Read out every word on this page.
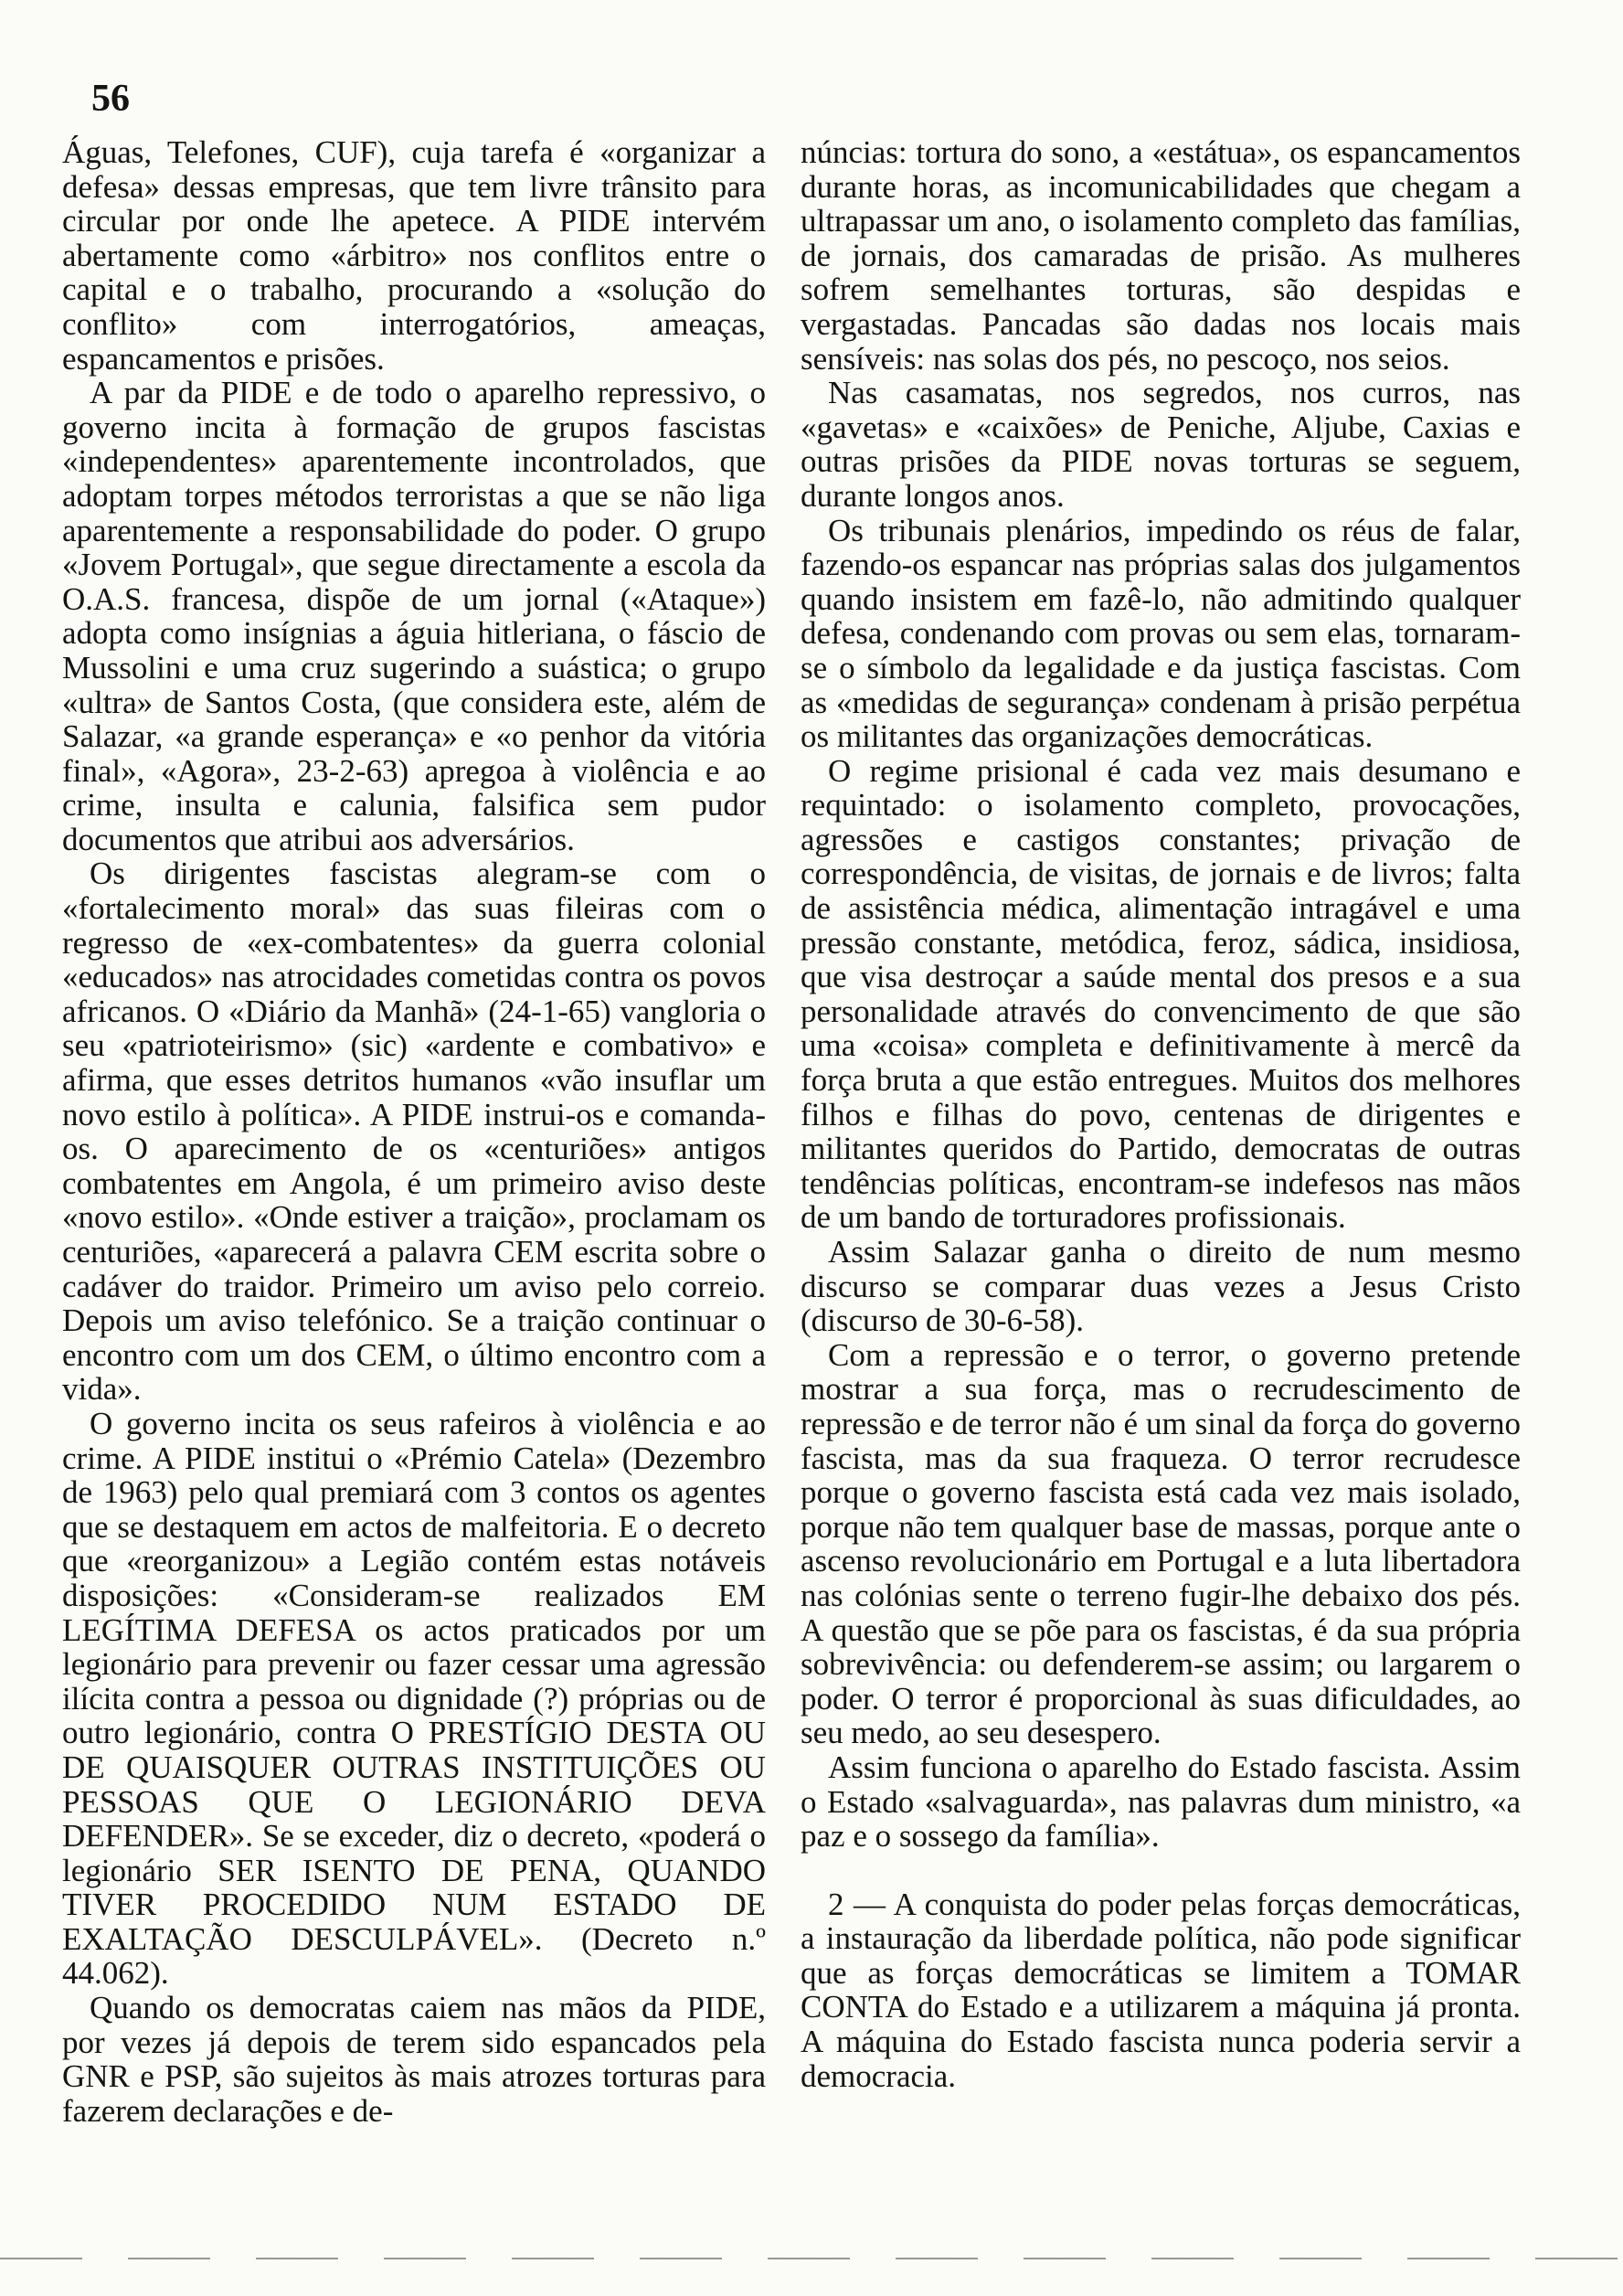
56

Águas, Telefones, CUF), cuja tarefa é «organizar a defesa» dessas empresas, que tem livre trânsito para circular por onde lhe apetece. A PIDE intervém abertamente como «árbitro» nos conflitos entre o capital e o trabalho, procurando a «solução do conflito» com interrogatórios, ameaças, espancamentos e prisões.

A par da PIDE e de todo o aparelho repressivo, o governo incita à formação de grupos fascistas «independentes» aparentemente incontrolados, que adoptam torpes métodos terroristas a que se não liga aparentemente a responsabilidade do poder. O grupo «Jovem Portugal», que segue directamente a escola da O.A.S. francesa, dispõe de um jornal («Ataque») adopta como insígnias a águia hitleriana, o fáscio de Mussolini e uma cruz sugerindo a suástica; o grupo «ultra» de Santos Costa, (que considera este, além de Salazar, «a grande esperança» e «o penhor da vitória final», «Agora», 23-2-63) apregoa à violência e ao crime, insulta e calunia, falsifica sem pudor documentos que atribui aos adversários.

Os dirigentes fascistas alegram-se com o «fortalecimento moral» das suas fileiras com o regresso de «ex-combatentes» da guerra colonial «educados» nas atrocidades cometidas contra os povos africanos. O «Diário da Manhã» (24-1-65) vangloria o seu «patrioteirismo» (sic) «ardente e combativo» e afirma, que esses detritos humanos «vão insuflar um novo estilo à política». A PIDE instrui-os e comanda-os. O aparecimento de os «centuriões» antigos combatentes em Angola, é um primeiro aviso deste «novo estilo». «Onde estiver a traição», proclamam os centuriões, «aparecerá a palavra CEM escrita sobre o cadáver do traidor. Primeiro um aviso pelo correio. Depois um aviso telefónico. Se a traição continuar o encontro com um dos CEM, o último encontro com a vida».

O governo incita os seus rafeiros à violência e ao crime. A PIDE institui o «Prémio Catela» (Dezembro de 1963) pelo qual premiará com 3 contos os agentes que se destaquem em actos de malfeitoria. E o decreto que «reorganizou» a Legião contém estas notáveis disposições: «Consideram-se realizados EM LEGÍTIMA DEFESA os actos praticados por um legionário para prevenir ou fazer cessar uma agressão ilícita contra a pessoa ou dignidade (?) próprias ou de outro legionário, contra O PRESTÍGIO DESTA OU DE QUAISQUER OUTRAS INSTITUIÇÕES OU PESSOAS QUE O LEGIONÁRIO DEVA DEFENDER». Se se exceder, diz o decreto, «poderá o legionário SER ISENTO DE PENA, QUANDO TIVER PROCEDIDO NUM ESTADO DE EXALTAÇÃO DESCULPÁVEL». (Decreto n.º 44.062).

Quando os democratas caiem nas mãos da PIDE, por vezes já depois de terem sido espancados pela GNR e PSP, são sujeitos às mais atrozes torturas para fazerem declarações e de-

núncias: tortura do sono, a «estátua», os espancamentos durante horas, as incomunicabilidades que chegam a ultrapassar um ano, o isolamento completo das famílias, de jornais, dos camaradas de prisão. As mulheres sofrem semelhantes torturas, são despidas e vergastadas. Pancadas são dadas nos locais mais sensíveis: nas solas dos pés, no pescoço, nos seios.

Nas casamatas, nos segredos, nos curros, nas «gavetas» e «caixões» de Peniche, Aljube, Caxias e outras prisões da PIDE novas torturas se seguem, durante longos anos.

Os tribunais plenários, impedindo os réus de falar, fazendo-os espancar nas próprias salas dos julgamentos quando insistem em fazê-lo, não admitindo qualquer defesa, condenando com provas ou sem elas, tornaram-se o símbolo da legalidade e da justiça fascistas. Com as «medidas de segurança» condenam à prisão perpétua os militantes das organizações democráticas.

O regime prisional é cada vez mais desumano e requintado: o isolamento completo, provocações, agressões e castigos constantes; privação de correspondência, de visitas, de jornais e de livros; falta de assistência médica, alimentação intragável e uma pressão constante, metódica, feroz, sádica, insidiosa, que visa destroçar a saúde mental dos presos e a sua personalidade através do convencimento de que são uma «coisa» completa e definitivamente à mercê da força bruta a que estão entregues. Muitos dos melhores filhos e filhas do povo, centenas de dirigentes e militantes queridos do Partido, democratas de outras tendências políticas, encontram-se indefesos nas mãos de um bando de torturadores profissionais.

Assim Salazar ganha o direito de num mesmo discurso se comparar duas vezes a Jesus Cristo (discurso de 30-6-58).

Com a repressão e o terror, o governo pretende mostrar a sua força, mas o recrudescimento de repressão e de terror não é um sinal da força do governo fascista, mas da sua fraqueza. O terror recrudesce porque o governo fascista está cada vez mais isolado, porque não tem qualquer base de massas, porque ante o ascenso revolucionário em Portugal e a luta libertadora nas colónias sente o terreno fugir-lhe debaixo dos pés. A questão que se põe para os fascistas, é da sua própria sobrevivência: ou defenderem-se assim; ou largarem o poder. O terror é proporcional às suas dificuldades, ao seu medo, ao seu desespero.

Assim funciona o aparelho do Estado fascista. Assim o Estado «salvaguarda», nas palavras dum ministro, «a paz e o sossego da família».

2 — A conquista do poder pelas forças democráticas, a instauração da liberdade política, não pode significar que as forças democráticas se limitem a TOMAR CONTA do Estado e a utilizarem a máquina já pronta. A máquina do Estado fascista nunca poderia servir a democracia.
